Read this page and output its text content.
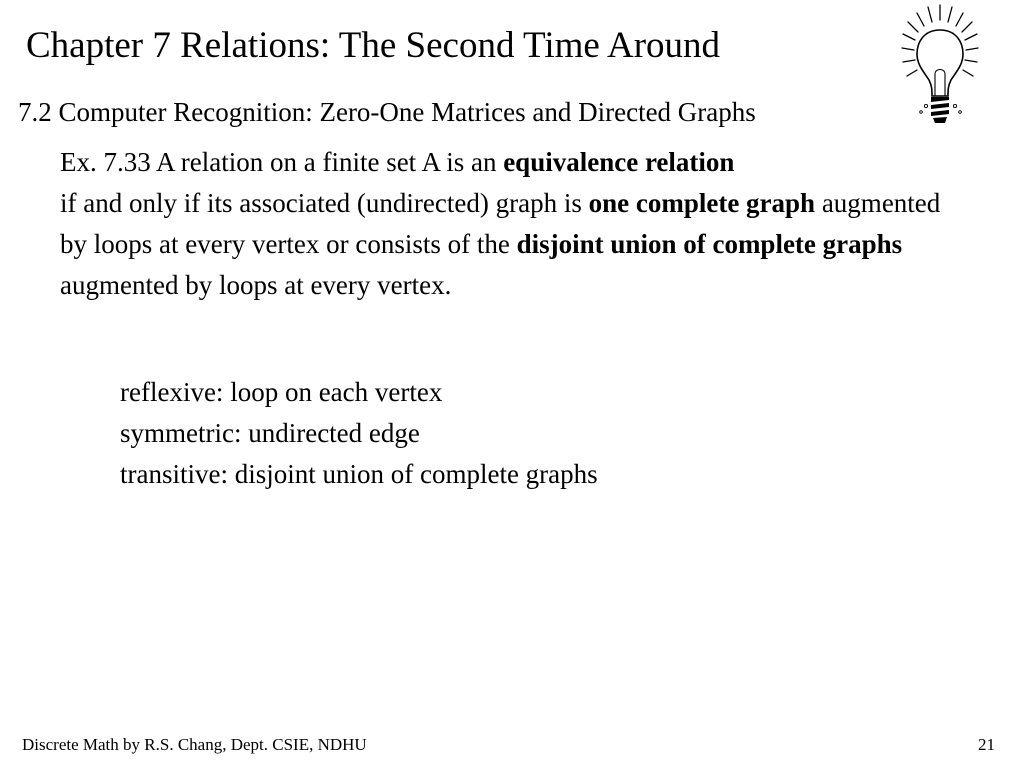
Chapter 7 Relations: The Second Time Around
7.2 Computer Recognition: Zero-One Matrices and Directed Graphs

Ex. 7.33 A relation on a finite set A is an equivalence relation
if and only if its associated (undirected) graph is one complete graph augmented by loops at every vertex or consists of the disjoint union of complete graphs augmented by loops at every vertex.

reflexive: loop on each vertex
symmetric: undirected edge
transitive: disjoint union of complete graphs
Discrete Math by R.S. Chang, Dept. CSIE, NDHU	21
